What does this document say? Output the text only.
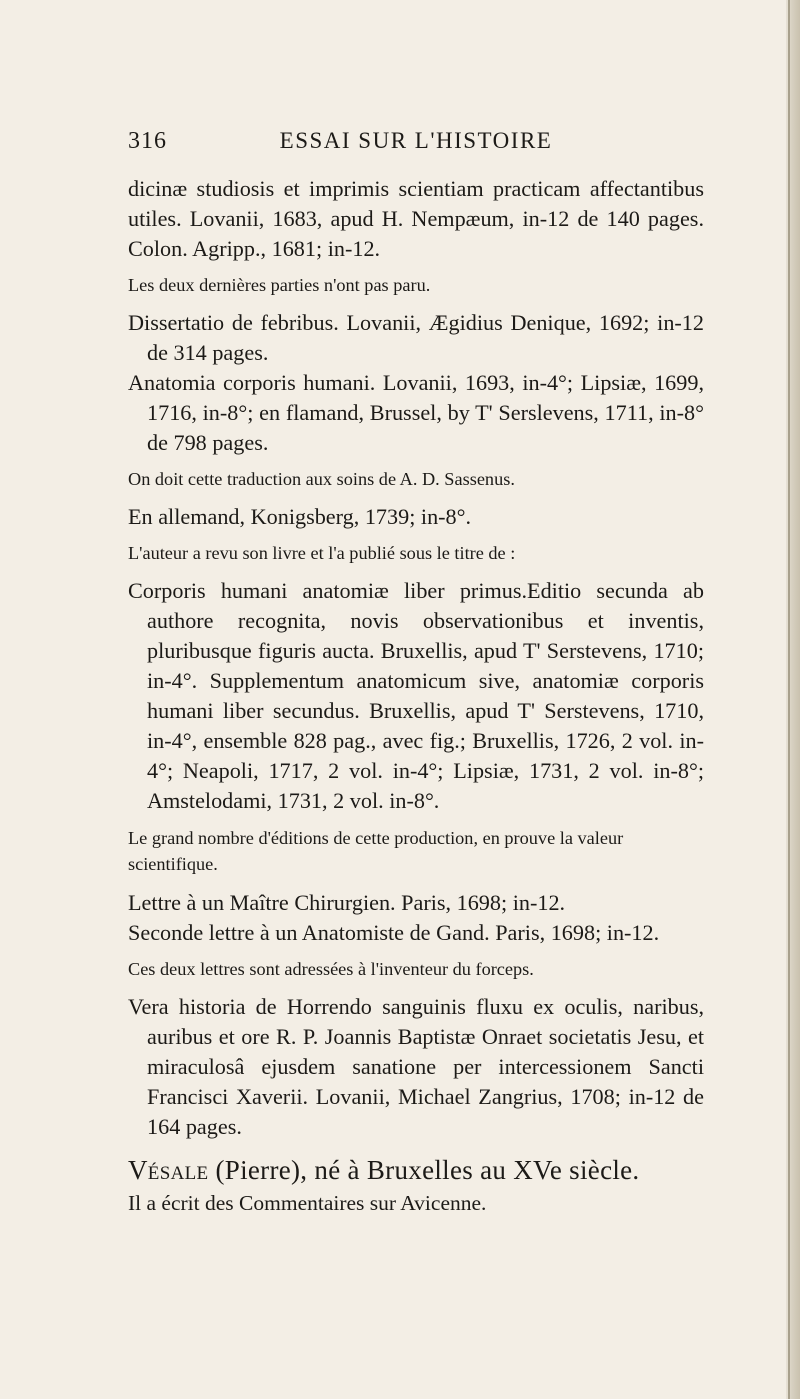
316	ESSAI SUR L'HISTOIRE

dicinæ studiosis et imprimis scientiam practicam affectantibus utiles. Lovanii, 1683, apud H. Nempæum, in-12 de 140 pages. Colon. Agripp., 1681; in-12.

Les deux dernières parties n'ont pas paru.

Dissertatio de febribus. Lovanii, Ægidius Denique, 1692; in-12 de 314 pages.

Anatomia corporis humani. Lovanii, 1693, in-4°; Lipsiæ, 1699, 1716, in-8°; en flamand, Brussel, by T' Serslevens, 1711, in-8° de 798 pages.

On doit cette traduction aux soins de A. D. Sassenus.

En allemand, Konigsberg, 1739; in-8°.

L'auteur a revu son livre et l'a publié sous le titre de :

Corporis humani anatomiæ liber primus.Editio secunda ab authore recognita, novis observationibus et inventis, pluribusque figuris aucta. Bruxellis, apud T' Serstevens, 1710; in-4°. Supplementum anatomicum sive, anatomiæ corporis humani liber secundus. Bruxellis, apud T' Serstevens, 1710, in-4°, ensemble 828 pag., avec fig.; Bruxellis, 1726, 2 vol. in-4°; Neapoli, 1717, 2 vol. in-4°; Lipsiæ, 1731, 2 vol. in-8°; Amstelodami, 1731, 2 vol. in-8°.

Le grand nombre d'éditions de cette production, en prouve la valeur scientifique.

Lettre à un Maître Chirurgien. Paris, 1698; in-12.

Seconde lettre à un Anatomiste de Gand. Paris, 1698; in-12.

Ces deux lettres sont adressées à l'inventeur du forceps.

Vera historia de Horrendo sanguinis fluxu ex oculis, naribus, auribus et ore R. P. Joannis Baptistæ Onraet societatis Jesu, et miraculosâ ejusdem sanatione per intercessionem Sancti Francisci Xaverii. Lovanii, Michael Zangrius, 1708; in-12 de 164 pages.

Vésale (Pierre), né à Bruxelles au XVe siècle.

Il a écrit des Commentaires sur Avicenne.
